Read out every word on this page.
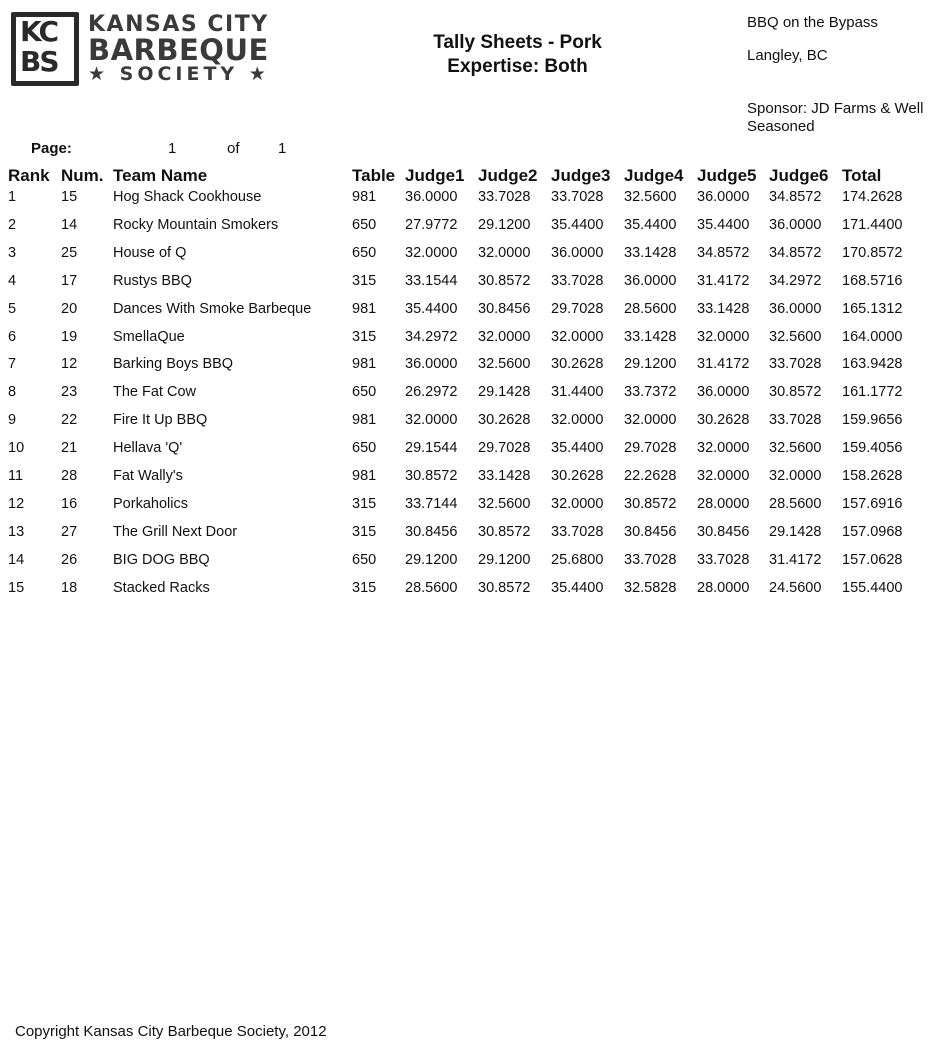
KC
BS
KANSAS CITY
BARBEQUE
★ SOCIETY ★
Tally Sheets - Pork
Expertise: Both
BBQ on the Bypass
Langley, BC
Sponsor: JD Farms & Well Seasoned
Page:	1	of	1
Rank Num. Team Name	Table Judge1 Judge2 Judge3 Judge4 Judge5 Judge6 Total
1	15 Hog Shack Cookhouse	981 36.0000 33.7028 33.7028 32.5600 36.0000 34.8572 174.2628
2	14 Rocky Mountain Smokers	650 27.9772 29.1200 35.4400 35.4400 35.4400 36.0000 171.4400
3	25 House of Q	650 32.0000 32.0000 36.0000 33.1428 34.8572 34.8572 170.8572
4	17 Rustys BBQ	315 33.1544 30.8572 33.7028 36.0000 31.4172 34.2972 168.5716
5	20 Dances With Smoke Barbeque	981 35.4400 30.8456 29.7028 28.5600 33.1428 36.0000 165.1312
6	19 SmellaQue	315 34.2972 32.0000 32.0000 33.1428 32.0000 32.5600 164.0000
7	12 Barking Boys BBQ	981 36.0000 32.5600 30.2628 29.1200 31.4172 33.7028 163.9428
8	23 The Fat Cow	650 26.2972 29.1428 31.4400 33.7372 36.0000 30.8572 161.1772
9	22 Fire It Up BBQ	981 32.0000 30.2628 32.0000 32.0000 30.2628 33.7028 159.9656
10	21 Hellava 'Q'	650 29.1544 29.7028 35.4400 29.7028 32.0000 32.5600 159.4056
11	28 Fat Wally's	981 30.8572 33.1428 30.2628 22.2628 32.0000 32.0000 158.2628
12	16 Porkaholics	315 33.7144 32.5600 32.0000 30.8572 28.0000 28.5600 157.6916
13	27 The Grill Next Door	315 30.8456 30.8572 33.7028 30.8456 30.8456 29.1428 157.0968
14	26 BIG DOG BBQ	650 29.1200 29.1200 25.6800 33.7028 33.7028 31.4172 157.0628
15	18 Stacked Racks	315 28.5600 30.8572 35.4400 32.5828 28.0000 24.5600 155.4400
Copyright Kansas City Barbeque Society, 2012
